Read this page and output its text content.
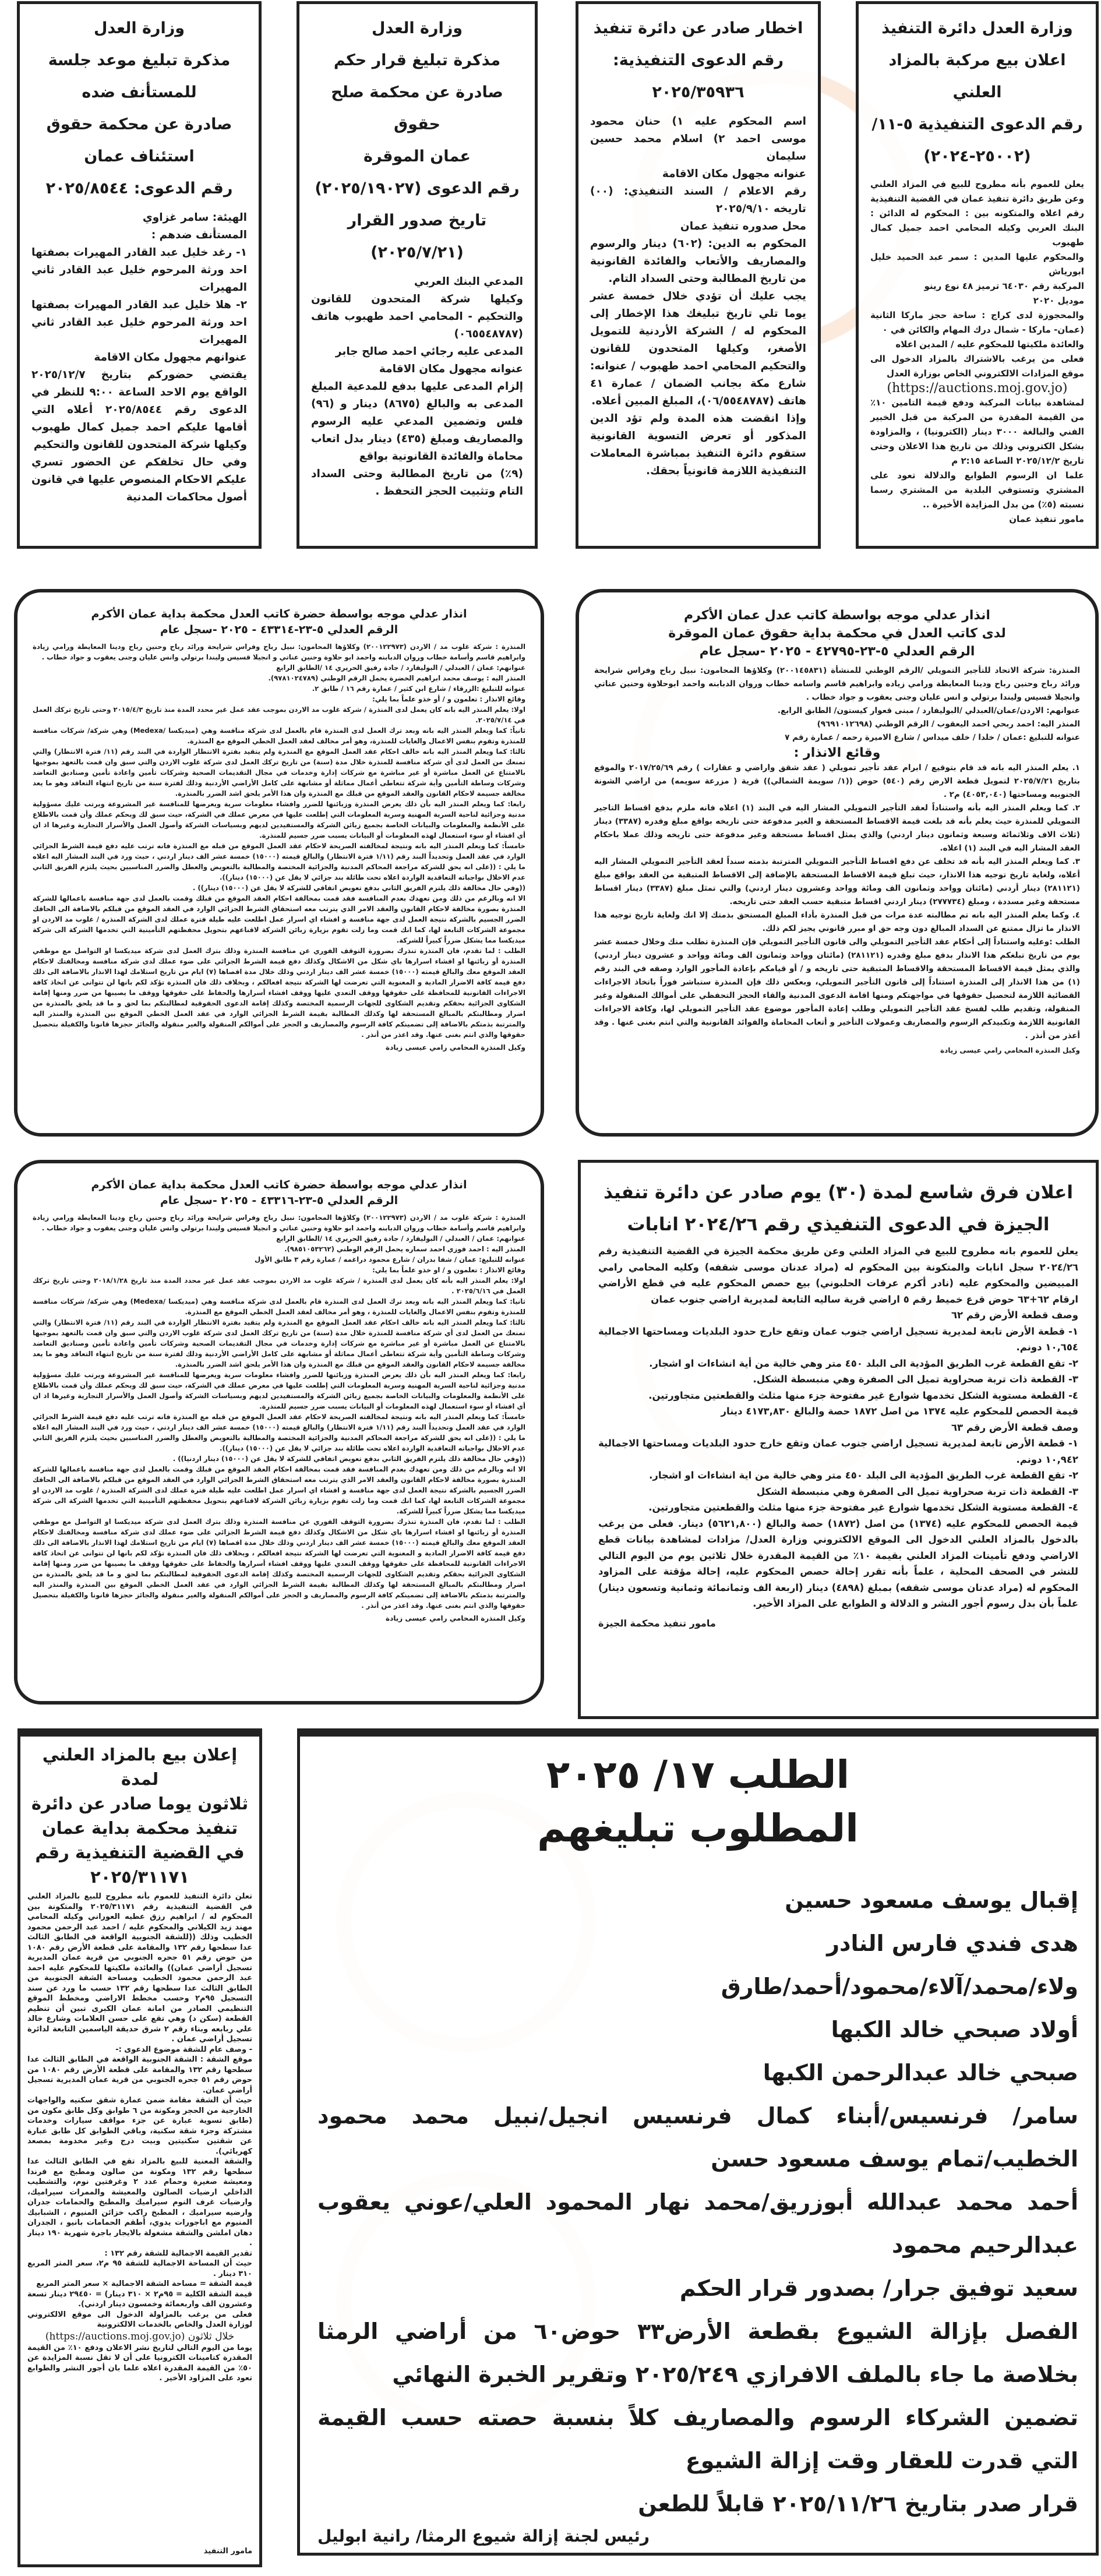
وزارة العدل

مذكرة تبليغ موعد جلسة

للمستأنف ضده

صادرة عن محكمة حقوق

استئناف عمان

رقم الدعوى: ٢٠٢٥/٨٥٤٤

الهيئة: سامر غزاوي

المستأنف ضدهم :

١- رغد خليل عبد القادر المهيرات بصفتها احد ورثة المرحوم خليل عبد القادر ثاني المهيرات

٢- هلا خليل عبد القادر المهيرات بصفتها احد ورثة المرحوم خليل عبد القادر ثاني المهيرات

عنوانهم مجهول مكان الاقامة

يقتضي حضوركم بتاريخ ٢٠٢٥/١٢/٧ الواقع يوم الاحد الساعة ٩:٠٠ للنظر في الدعوى رقم ٢٠٢٥/٨٥٤٤ أعلاه التي أقامها عليكم احمد جميل كمال طهبوب وكيلها شركة المتحدون للقانون والتحكيم

وفي حال تخلفكم عن الحضور تسري عليكم الاحكام المنصوص عليها في قانون أصول محاكمات المدنية

وزارة العدل

مذكرة تبليغ قرار حكم

صادرة عن محكمة صلح حقوق

عمان الموقرة

رقم الدعوى (٢٠٢٥/١٩٠٢٧)

تاريخ صدور القرار

(٢٠٢٥/٧/٢١)

المدعي البنك العربي

وكيلها شركة المتحدون للقانون والتحكيم - المحامي احمد طهبوب هاتف (٠٦٥٥٤٨٧٨٧)

المدعى عليه رجائي احمد صالح جابر

عنوانه مجهول مكان الاقامة

إلزام المدعى عليها بدفع للمدعية المبلغ المدعى به والبالغ (٨٦٧٥) دينار و (٩٦) فلس وتضمين المدعي عليه الرسوم والمصاريف ومبلغ (٤٣٥) دينار بدل اتعاب محاماة والفائدة القانونية بواقع

(٩٪) من تاريخ المطالبة وحتى السداد التام وتثبيت الحجز التحفظ .

اخطار صادر عن دائرة تنفيذ

رقم الدعوى التنفيذية:

٢٠٢٥/٣٥٩٣٦

اسم المحكوم عليه ١) حنان محمود موسى احمد ٢) اسلام محمد حسين سليمان

عنوانه مجهول مكان الاقامة

رقم الاعلام / السند التنفيذي: (٠٠) تاريخه ٢٠٢٥/٩/١٠

محل صدوره تنفيذ عمان

المحكوم به الدين: (٦٠٢) دينار والرسوم والمصاريف والأتعاب والفائدة القانونية من تاريخ المطالبة وحتى السداد التام.

يجب عليك أن تؤدي خلال خمسة عشر يوما تلي تاريخ تبليغك هذا الإخطار إلى المحكوم له / الشركة الأردنية للتمويل الأصغر، وكيلها المتحدون للقانون والتحكيم المحامي احمد طهبوب / عنوانه: شارع مكة بجانب الضمان / عمارة ٤١ هاتف (٠٦/٥٥٤٨٧٨٧)، المبلغ المبين أعلاه.

وإذا انقضت هذه المدة ولم تؤد الدين المذكور أو تعرض التسوية القانونية ستقوم دائرة التنفيذ بمباشرة المعاملات التنفيذية اللازمة قانونياً بحقك.

وزارة العدل دائرة التنفيذ

اعلان بيع مركبة بالمزاد العلني

رقم الدعوى التنفيذية ٥-١١/

(٢٥٠٠٢-٢٠٢٤)

يعلن للعموم بأنه مطروح للبيع في المزاد العلني وعن طريق دائرة تنفيذ عمان في القضية التنفيذية رقم اعلاه والمتكونه بين : المحكوم له الدائن : البنك العربي وكيله المحامي احمد جميل كمال طهبوب

والمحكوم عليها المدين : سمر عبد الحميد خليل ابورياش

المركبة رقم ٦٤٠٣٠ ترميز ٤٨ نوع رينو

موديل ٢٠٢٠

والمحجوزة لدى كراج : ساحة حجز ماركا الثانية (عمان- ماركا - شمال درك المهام والكائن في ٠

والعائدة ملكيتها للمحكوم عليه / المدين اعلاه

فعلى من يرغب بالاشتراك بالمزاد الدخول الى موقع المزادات الالكتروني الخاص بوزارة العدل

(https://auctions.moj.gov.jo)

لمشاهدة بيانات المركبة ودفع قيمة التامين ١٠٪ من القيمة المقدرة من المركبة من قبل الخبير الفني والبالغة ٣٠٠٠ دينار (الكترونيا) ، والمزاودة بشكل الكتروني وذلك من تاريخ هذا الاعلان وحتى تاريخ ٢٠٢٥/١٢/٢ الساعة ٢:١٥ م

علما ان الرسوم الطوابع والدلالة تعود على المشتري وتستوفي البلدية من المشتري رسما نسبته (٥٪) من بدل المزايدة الأخيرة ..

مامور تنفيذ عمان

انذار عدلي موجه بواسطة حضرة كاتب العدل محكمة بداية عمان الأكرم

الرقم العدلي ٥-٢٣-٤٣٣١٤ - ٢٠٢٥ -سجل عام

المنذرة : شركة غلوب مد / الاردن (٢٠٠١٢٢٩٧٣) وكلاؤها المحامون: نبيل رباح وفراس شرايحة ورائد رباح وحنين رباح ودينا المعايطة ورامي زيادة وابراهيم قاسم وأسامة خطاب وروان الدبابنه واحمد ابو حلاوة وحنين عناتي و انجيلا قسيس وليندا برتولي وانس عليان وجنى يعقوب و جواد خطاب .

عنوانهم: عمان / العبدلي / البوليفارد / جادة رفيق الحريري ١٤ /الطابق الرابع

المنذر اليه : يوسف محمد ابراهيم الخضرة يحمل الرقم الوطني (٩٧٨١٠٢٤٧٨٩).

عنوانه للتبليغ :الزرقاء / شارع ابن كثير / عمارة رقم ١٦ / طابق ٢.

وقائع الانذار : تعلمون و / أو خذو علماً بما يلي:

اولا: يعلم المنذر اليه بانه كان يعمل لدى المنذرة / شركة غلوب مد الاردن بموجب عقد عمل غير محدد المدة منذ تاريخ ٢٠١٥/٤/٣ وحتى تاريخ تركك العمل في ٢٠٢٥/٧/١٤.

ثانياً: كما ويعلم المنذر اليه بانه وبعد ترك العمل لدى المنذرة قام بالعمل لدى شركة منافسة وهي (ميديكسا /Medexa) وهي شركة/ شركات منافسة للمنذرة وتقوم بنفس الاعمال والغايات للمنذرة، وهو أمر مخالف لعقد العمل الخطي الموقع مع المنذرة.

ثالثا: كما ويعلم المنذر اليه بانه خالف احكام عقد العمل الموقع مع المنذرة ولم يتقيد بفترة الانتظار الواردة في البند رقم (١١/ فترة الانتظار) والتي تمنعك من العمل لدى أي شركة منافسة للمنذرة خلال مدة (سنة) من تاريخ تركك العمل لدى شركة غلوب الاردن والتي سبق وان قمت بالتعهد بموجبها بالامتناع عن العمل مباشرة أو غير مباشرة مع شركات إدارة وخدمات في مجال التقديمات الصحية وشركات تأمين واعادة تأمين وصناديق التعاضد وشركات وساطة التأمين وأية شركة تتعاطى أعمال مماثلة أو مشابهة على كامل الأراضي الأردنية وذلك لفترة سنة من تاريخ انتهاء التعاقد وهو ما يعد مخالفة جسيمة لاحكام القانون والعقد الموقع من قبلك مع المنذرة وان هذا الأمر يلحق اشد الضرر بالمنذرة.

رابعا: كما ويعلم المنذر اليه بأن ذلك يعرض المنذرة وزبائنها للضرر وافشاء معلومات سرية ويعرضها للمنافسة غير المشروعة ويرتب عليك مسؤولية مدنية وجزائية لناحية السرية المهنية وسرية المعلومات التي إطلعت عليها في معرض عملك في الشركة، حيث سبق لك وبحكم عملك وأن قمت بالاطلاع على الأنظمة والمعلومات والبيانات الخاصة بجميع زبائن الشركة والمستفيدين لديهم وبسياسات الشركة وأصول العمل والأسرار التجارية وغيرها اذ ان أي افشاء أو سوء استعمال لهذه المعلومات أو البيانات يسبب ضرر جسيم للمنذرة.

خامساً: كما ويعلم المنذر اليه بانه ونتيجة لمخالفته الصريحة لاحكام عقد العمل الموقع من قبله مع المنذرة فانه ترتب عليه دفع قيمة الشرط الجزائي الوارد في عقد العمل وتحديداً البند رقم (١/١١ فترة الانتظار) والبالغ قيمته (١٥٠٠٠) خمسة عشر الف دينار اردني ، حيث ورد في البند المشار اليه اعلاه ما يلي : ((على انه يحق للشركة مراجعة المحاكم المدنية والجزائية المختصة والمطالبة بالتعويض والعطل والضرر المناسبين بحيث يلتزم الفريق الثاني عدم الاخلال بواجباته التعاقدية الواردة اعلاه تحت طائلة بند جزائي لا يقل عن (١٥٠٠٠) دينار)).

((وفي حال مخالفة ذلك يلتزم الفريق الثاني بدفع تعويض اتفاقي للشركة لا يقل عن (١٥٠٠٠) دينار)) .

الا انه وبالرغم من ذلك ومن تعهدك بعدم المنافسة فقد قمت بمخالفة احكام العقد الموقع من قبلك وقمت بالعمل لدى جهة منافسة باعمالها للشركة المنذرة بصورة مخالفة لاحكام القانون والعقد الامر الذي يترتب معه استحقاق الشرط الجزائي الوارد في العقد الموقع من قبلكم بالاضافة الى الحاقك الضرر الجسيم بالشركة نتيجة العمل لدى جهة منافسة و افشاء اي اسرار عمل اطلعت عليه طيلة فترة عملك لدى الشركة المنذرة / غلوب مد الاردن او مجموعة الشركات التابعة لها، كما انك قمت وما زلت تقوم بزيارة زبائن الشركة لاقناعهم بتحويل محفظتهم التأمينية التي تخدمها الشركة الى شركة ميديكسا مما يشكل ضرراً كبيراً للشركة.

الطلب : لما تقدم، فان المنذرة تنذرك بضرورة التوقف الفوري عن منافسة المنذرة وذلك بترك العمل لدى شركة ميديكسا او التواصل مع موظفي المنذرة أو زبائنها او افشاء اسرارها باي شكل من الاشكال وكذلك دفع قيمة الشرط الجزائي على ضوء عملك لدى شركة منافسة ومخالفتك لاحكام العقد الموقع معك والبالغ قيمته (١٥٠٠٠) خمسة عشر الف دينار اردني وذلك خلال مدة اقصاها (٧) ايام من تاريخ استلامك لهذا الانذار بالاضافة الى ذلك دفع قيمة كافة الاضرار المادية و المعنوية التي تعرضت لها الشركة نتيجة افعالكم ، وبخلاف ذلك فان المنذرة تؤكد لكم بانها لن تتوانى عن اتخاذ كافة الاجراءات القانونية للمحافظة على حقوقها ووقف التعدي عليها ووقف افشاء أسرارها والحفاظ على حقوقها ووقف ما يصيبها من ضرر ومنها إقامة الشكاوى الجزائية بحقكم وتقديم الشكاوى للجهات الرسمية المختصة وكذلك إقامة الدعوى الحقوقية لمطالبتكم بما لحق و ما قد يلحق بالمنذرة من اضرار ومطالبتكم بالمبالغ المستحقة لها وكذلك المطالبة بقيمة الشرط الجزائي الوارد في عقد العمل الخطي الموقع بين المنذرة والمنذر اليه والمترتبة بذمتكم بالاضافة إلى تضمينكم كافة الرسوم والمصاريف و الحجز على أموالكم المنقولة والغير منقولة والجائز حجزها قانونا والكفيلة بتحصيل حقوقها والذي انتم بغنى عنها. وقد اعذر من أنذر .

وكيل المنذرة المحامي رامي عيسى زيادة

انذار عدلي موجه بواسطة كاتب عدل عمان الأكرم

لدى كاتب العدل في محكمة بداية حقوق عمان الموقرة

الرقم العدلي ٥-٢٣-٤٢٧٩٥ - ٢٠٢٥ -سجل عام

المنذرة: شركة الاتحاد للتأجير التمويلي /الرقم الوطني للمنشأة (٢٠٠١٤٥٨٣١) وكلاؤها المحامون: نبيل رباح وفراس شرايحة ورائد رباح وحنين رباح ودينا المعايطة ورامي زياده وابراهيم قاسم واسامه خطاب وروان الدبابنه واحمد ابوحلاوة وحنين عناتي وانجيلا قسيس وليندا برتولي و انس عليان وجنى يعقوب و جواد خطاب .

عنوانهم: الاردن/عمان/العبدلي /البوليفارد / مبنى قعوار كيستون/ الطابق الرابع.

المنذر اليه: احمد ربحي احمد اليعقوب / الرقم الوطني (٩٦٩١٠١٢٦٩٨)

عنوانه للتبليغ :عمان / خلدا / خلف ميداس / شارع الاميرة رحمه / عمارة رقم ٧

وقائع الانذار :

١. يعلم المنذر اليه بانه قد قام بتوقيع / ابرام عقد تأجير تمويلي ( عقد شقق واراضي و عقارات ) رقم ٢٠١٧/٢٥/٦٩ والموقع بتاريخ ٢٠٢٥/٧/٢١ لتمويل قطعة الارض رقم (٥٤٠) حوض ((١/ سويمة الشمالي)) قرية ( مزرعة سويمه) من اراضي الشونة الجنوبيه ومساحتها (٤٠٥٣,٠٤٠) م٢ .

٢. كما ويعلم المنذر اليه بأنه واستناداً لعقد التأجير التمويلي المشار اليه في البند (١) اعلاه فانه ملزم بدفع اقساط التاجير التمويلي للمنذرة حيث يعلم بأنه قد بلغت قيمة الاقساط المستحقة و الغير مدفوعة حتى تاريخه بواقع مبلغ وقدره (٣٣٨٧) دينار (ثلاث الاف وثلاثمائة وسبعة وثمانون دينار اردني) والذي يمثل اقساط مستحقة وغير مدفوعة حتى تاريخه وذلك عملا باحكام العقد المشار اليه في البند (١) اعلاه.

٣. كما ويعلم المنذر اليه بأنه قد تخلف عن دفع اقساط التأجير التمويلي المترتبة بذمته سنداً لعقد التأجير التمويلي المشار اليه أعلاه، ولغاية تاريخ توجيه هذا الانذار، حيث تبلغ قيمة الاقساط المستحقة بالإضافة إلى الاقساط المتبقية من العقد بواقع مبلغ (٢٨١١٢١) دينار أردني (مائتان وواحد وثمانون الف ومائة وواحد وعشرون دينار اردني) والتي تمثل مبلغ (٣٣٨٧) دينار اقساط مستحقة وغير مسددة ، ومبلغ (٢٧٧٧٣٤) دينار اردني اقساط متبقية حسب العقد حتى تاريخه.

٤. وكما يعلم المنذر اليه بانه تم مطالبته عدة مرات من قبل المنذرة بأداء المبلغ المستحق بذمتك إلا انك ولغاية تاريخ توجيه هذا الانذار ما تزال ممتنع عن السداد المبالغ دون وجه حق او مبرر قانوني يجيز لكم ذلك.

الطلب :وعليه واستناداً إلى أحكام عقد التأجير التمويلي والى قانون التأجير التمويلي فإن المنذرة تطلب منك وخلال خمسة عشر يوم من تاريخ تبلغكم هذا الانذار بدفع مبلغ وقدره (٢٨١١٢١) (مائتان وواحد وثمانون الف ومائة وواحد و عشرون دينار اردني) والذي يمثل قيمة الاقساط المستحقة والاقساط المتبقية حتى تاريخه و / أو قيامكم بإعادة المأجور الوارد وصفه في البند رقم (١) من هذا الانذار إلى المنذرة استناداً إلى قانون التأجير التمويلي، وبعكس ذلك فإن المنذرة ستباشر فوراً باتخاذ الاجراءات القضائية اللازمة لتحصيل حقوقها في مواجهتكم ومنها اقامة الدعوى المدنية والقاء الحجز التحفظي على أموالك المنقولة وغير المنقولة، وتقديم طلب لفسخ عقد التأجير التمويلي وطلب إعادة المأجور موضوع عقد التأجير التمويلي لها، وكافة الاجراءات القانونية اللازمة وتكبيدكم الرسوم والمصاريف وعمولات التأخير و أتعاب المحاماة والفوائد القانونية والتي انتم بغنى عنها . وقد أعذر من أنذر .

وكيل المنذرة المحامي رامي عيسى زيادة

انذار عدلي موجه بواسطة حضرة كاتب العدل محكمة بداية عمان الأكرم

الرقم العدلي ٥-٢٣-٤٣٣١٦ - ٢٠٢٥ -سجل عام

المنذرة : شركة غلوب مد / الاردن (٢٠٠١٢٢٩٧٣) وكلاؤها المحامون: نبيل رباح وفراس شرايحة ورائد رباح وحنين رباح ودينا المعايطة ورامي زيادة وابراهيم قاسم وأسامة خطاب وروان الدبابنه واحمد ابو حلاوة وحنين عناتي و انجيلا قسيس وليندا برتولي وانس عليان وجنى يعقوب و جواد خطاب .

عنوانهم: عمان / العبدلي / البوليفارد / جادة رفيق الحريري ١٤ /الطابق الرابع

المنذر اليه : احمد فوزي احمد سماره يحمل الرقم الوطني (٩٨٥١٠٥٣٢٦٢).

عنوانه للتبليغ: عمان / شفا بدران / شارع محمود دراغمه / عمارة رقم ٣ طابق الأول

وقائع الانذار : تعلمون و / او خذو علماً بما يلي:

اولا: يعلم المنذر اليه بأنه كان يعمل لدى المنذرة / شركة غلوب مد الاردن بموجب عقد عمل غير محدد المدة منذ تاريخ ٢٠١٨/١/٢٨ وحتى تاريخ تركك العمل في ٢٠٢٥/٦/١٦ .

ثانيا: كما ويعلم المنذر اليه بانه وبعد ترك العمل لدى المنذرة قام بالعمل لدى شركة منافسة وهي (ميديكسا /Medexa) وهي شركة/ شركات منافسة للمنذرة وتقوم بنفس الاعمال والغايات للمنذرة ، وهو أمر مخالف لعقد العمل الخطي الموقع مع المنذرة.

ثالثا: كما ويعلم المنذر اليه بانه خالف احكام عقد العمل الموقع مع المنذرة ولم يتقيد بفترة الانتظار الواردة في البند رقم (١١/ فترة الانتظار) والتي تمنعك من العمل لدى أي شركة منافسة للمنذرة خلال مدة (سنة) من تاريخ تركك العمل لدى شركة غلوب الاردن والتي سبق وان قمت بالتعهد بموجبها بالامتناع عن العمل مباشرة أو غير مباشرة مع شركات إدارة وخدمات في مجال التقديمات الصحية وشركات تأمين واعادة تأمين وصناديق التعاضد وشركات وساطة التأمين وأية شركة تتعاطى أعمال مماثلة أو مشابهة على كامل الأراضي الأردنية وذلك لفترة سنة من تاريخ انتهاء التعاقد وهو ما يعد مخالفة جسيمة لاحكام القانون والعقد الموقع من قبلك مع المنذرة وان هذا الأمر يلحق اشد الضرر بالمنذرة.

رابعا: كما ويعلم المنذر اليه بأن ذلك يعرض المنذرة وزبائنها للضرر وافشاء معلومات سرية ويعرضها للمنافسة غير المشروعة ويرتب عليك مسؤولية مدنية وجزائية لناحية السرية المهنية وسرية المعلومات التي إطلعت عليها في معرض عملك في الشركة، حيث سبق لك وبحكم عملك وأن قمت بالاطلاع على الأنظمة والمعلومات والبيانات الخاصة بجميع زبائن الشركة والمستفيدين لديهم وبسياسات الشركة وأصول العمل والأسرار التجارية وغيرها اذ ان أي افشاء أو سوء استعمال لهذه المعلومات أو البيانات يسبب ضرر جسيم للمنذرة.

خامساً: كما ويعلم المنذر اليه بانه ونتيجة لمخالفته الصريحة لاحكام عقد العمل الموقع من قبله مع المنذرة فانه ترتب عليه دفع قيمة الشرط الجزائي الوارد في عقد العمل وتحديداً البند رقم (١/١١ فترة الانتظار) والبالغ قيمته (١٥٠٠٠) خمسة عشر الف دينار اردني ، حيث ورد في البند المشار اليه اعلاه ما يلي : ((على انه يحق للشركة مراجعة المحاكم المدنية والجزائية المختصة والمطالبة بالتعويض والعطل والضرر المناسبين بحيث يلتزم الفريق الثاني عدم الاخلال بواجباته التعاقدية الواردة اعلاه تحت طائلة بند جزائي لا يقل عن (١٥٠٠٠) دينار)).

((وفي حال مخالفة ذلك يلتزم الفريق الثاني بدفع تعويض اتفاقي للشركة لا يقل عن (١٥٠٠٠) دينار اردنيا)) .

الا انه وبالرغم من ذلك ومن تعهدك بعدم المنافسة فقد قمت بمخالفة احكام العقد الموقع من قبلك وقمت بالعمل لدى جهة منافسة باعمالها للشركة المنذرة بصورة مخالفة لاحكام القانون والعقد الامر الذي يترتب معه استحقاق الشرط الجزائي الوارد في العقد الموقع من قبلكم بالاضافة الى الحاقك الضرر الجسيم بالشركة نتيجة العمل لدى جهة منافسة و افشاء اي اسرار عمل اطلعت عليه طيلة فترة عملك لدى الشركة المنذرة / غلوب مد الاردن او مجموعة الشركات التابعة لها، كما انك قمت وما زلت تقوم بزيارة زبائن الشركة لاقناعهم بتحويل محفظتهم التأمينية التي تخدمها الشركة الى شركة ميديكسا مما يشكل ضرراً كبيراً للشركة.

الطلب : لما تقدم، فان المنذرة تنذرك بضرورة التوقف الفوري عن منافسة المنذرة وذلك بترك العمل لدى شركة ميديكسا او التواصل مع موظفي المنذرة أو زبائنها او افشاء اسرارها باي شكل من الاشكال وكذلك دفع قيمة الشرط الجزائي على ضوء عملك لدى شركة منافسة ومخالفتك لاحكام العقد الموقع معك والبالغ قيمته (١٥٠٠٠) خمسة عشر الف دينار اردني وذلك خلال مدة اقصاها (٧) ايام من تاريخ استلامك لهذا الانذار بالاضافة الى ذلك دفع قيمة كافة الاضرار المادية و المعنوية التي تعرضت لها الشركة نتيجة افعالكم ، وبخلاف ذلك فان المنذرة تؤكد لكم بانها لن تتوانى عن اتخاذ كافة الاجراءات القانونية للمحافظة على حقوقها ووقف التعدي عليها ووقف افشاء أسرارها والحفاظ على حقوقها ووقف ما يصيبها من ضرر ومنها إقامة الشكاوى الجزائية بحقكم وتقديم الشكاوى للجهات الرسمية المختصة وكذلك إقامة الدعوى الحقوقية لمطالبتكم بما لحق و ما قد يلحق بالمنذرة من اضرار ومطالبتكم بالمبالغ المستحقة لها وكذلك المطالبة بقيمة الشرط الجزائي الوارد في عقد العمل الخطي الموقع بين المنذرة والمنذر اليه والمترتبة بذمتكم بالاضافة إلى تضمينكم كافة الرسوم والمصاريف و الحجز على أموالكم المنقولة والغير منقولة والجائز حجزها قانونا والكفيلة بتحصيل حقوقها والذي انتم بغنى عنها. وقد اعذر من أنذر .

وكيل المنذرة المحامي رامي عيسى زيادة

اعلان فرق شاسع لمدة (٣٠) يوم صادر عن دائرة تنفيذ

الجيزة في الدعوى التنفيذي رقم ٢٠٢٤/٢٦ انابات

يعلن للعموم بانه مطروح للبيع في المزاد العلني وعن طريق محكمة الجيزة في القضية التنفيذية رقم ٢٠٢٤/٢٦ سجل انابات والمتكونة بين المحكوم له (مراد عدنان موسى شقفه) وكليه المحامي رامي المبيضين والمحكوم عليه (نادر أكرم عرفات الحلبوني) بيع حصص المحكوم عليه في قطع الأراضي ارقام ٦٢+٦٣ حوض قرع خميط رقم ٥ اراضي قرية ساليه التابعة لمديرية اراضي جنوب عمان

وصف قطعة الأرض رقم ٦٢

١- قطعة الأرض تابعة لمديرية تسجيل اراضي جنوب عمان وتقع خارج حدود البلديات ومساحتها الاجمالية ١٠,٦٥٤ دونم.

٢- تقع القطعة غرب الطريق المؤدية الى البلد ٤٥٠ متر وهي خالية من أية انشاءات او اشجار.

٣- القطعة ذات تربة صحراوية تميل الى الصفرة وهي منبسطة الشكل.

٤- القطعة مستوية الشكل تخدمها شوارع غير مفتوحة جزء منها مثلث والقطعتين متجاورتين.

قيمة الحصص للمحكوم عليه ١٣٧٤ من اصل ١٨٧٢ حصة والبالغ ٤١٧٣,٨٣٠ دينار

وصف قطعة الأرض رقم ٦٣

١- قطعة الأرض تابعة لمديرية تسجيل اراضي جنوب عمان وتقع خارج حدود البلديات ومساحتها الاجمالية ١٠,٩٤٢ دونم.

٢- تقع القطعة غرب الطريق المؤدية الى البلد ٤٥٠ متر وهي خالية من اية انشاءات او اشجار.

٣- القطعة ذات تربة صحراوية تميل الى الصفرة وهي منبسطة الشكل

٤- القطعة مستوية الشكل تخدمها شوارع غير مفتوحة جزء منها مثلث والقطعتين متجاورتين.

قيمة الحصص للمحكوم عليه (١٣٧٤) من اصل (١٨٧٢) حصة والبالغ (٥٦٢١,٨٠٠) دينار. فعلى من يرغب بالدخول بالمزاد العلني الدخول الى الموقع الالكتروني وزارة العدل/ مزادات لمشاهدة بيانات قطع الاراضي ودفع تأمينات المزاد العلني بقيمة ١٠٪ من القيمة المقدرة خلال ثلاثين يوم من اليوم التالي للنشر في الصحف المحلية ، علماً بأنه تقرر إحالة حصص المحكوم عليه، إحالة مؤقتة على المزاود المحكوم له (مراد عدنان موسى شقفه) بمبلغ (٤٨٩٨) دينار (اربعة الف وثمانمائة وثمانية وتسعون دينار) علماً بأن بدل رسوم أجور النشر و الدلالة و الطوابع على المزاد الأخير.

مامور تنفيذ محكمة الجيزة

إعلان بيع بالمزاد العلني لمدة

ثلاثون يوما صادر عن دائرة

تنفيذ محكمة بداية عمان

في القضية التنفيذية رقم

٢٠٢٥/٣١١٧١

تعلن دائرة التنفيذ للعموم بأنه مطروح للبيع بالمزاد العلني في القضية التنفيذية رقم ٢٠٢٥/٣١١٧١ والمتكونة بين المحكوم له / ابراهيم رزق عطيه العوراني وكيله المحامي مهند زيد الكيلاني والمحكوم عليه / احمد عبد الرحمن محمود الخطيب وذلك ((للشقة الجنوبية الواقعة في الطابق الثالث عدا سطحها رقم ١٣٢ والمقامة على قطعة الأرض رقم ١٠٨٠ من حوض رقم ٥١ جحره الجنوبي من قرية عمان المديرية تسجيل أراضي عمان)) والعائدة ملكيتها للمحكوم عليه احمد عبد الرحمن محمود الخطيب ومساحة الشقة الجنوبية من الطابق الثالث عدا سطحها رقم ١٣٢ حسب ما ورد عن سند التسجيل ٩٥م٢ وحسب مخطط الاراضي ومخطط الموقع التنظيمي الصادر من امانة عمان الكبرى تبين أن تنظيم القطعة (سكن د) وهي تقع على حسن العلامات وشارع خالد علي ربابعه وبناء رقم ٢ شرق حديقة الياسمين التابعة لدائرة تسجيل أراضي عمان .

- وصف عام للشقة موضوع الدعوى :-

موقع الشقة : الشقة الجنوبية الواقعة في الطابق الثالث عدا سطحها رقم ١٣٢ والمقامة على قطعة الأرض رقم ١٠٨٠ من حوض رقم ٥١ جحره الجنوبي من قرية عمان المديرية تسجيل أراضي عمان.

حيث أن الشقة مقامة ضمن عمارة شقق سكنيه والواجهات الخارجية من الحجر ومكونة من ٦ طوابق وكل طابق مكون من (طابق تسوية عبارة عن جزء مواقف سيارات وخدمات مشتركة وجزء شقة سكنية، وباقي الطوابق كل طابق عبارة عن شقتين سكنيتين وبيت درج وغير مخدومة بمصعد كهربائي).

والشقة المعنية للبيع بالمزاد تقع في الطابق الثالث عدا سطحها رقم ١٣٢ ومكونة من صالون ومطبخ مع فرندا ومعيشة صغيرة وحمام عدد ٢ وغرفتين نوم، والتشطيب الداخلي ارضيات الصالون والمعيشة والممرات سيراميك، وارضيات غرف النوم سيراميك والمطبخ والحمامات جدران وارضيه سيراميك ، المطبخ راكب خزائن المنيوم ، الشبابيك المنيوم مع اباجورات يدوي، أطقم الحمامات بانيو ، الجدران دهان املشن والشقة مشغولة بالايجار باجرة شهرية ١٩٠ دينار .

تقدير القيمة الاجمالية للشقة رقم ١٣٢ :

حيث أن المساحة الاجمالية للشقة ٩٥ م٢، سعر المتر المربع ٣١٠ دينار .

قيمة الشقة = مساحة الشقة الاجمالية × سعر المتر المربع

قيمة الشقة الكلية = ٩٥م٢ × ٣١٠ دينار) = ٢٩٤٥٠ دينار تسعة وعشرون الف واربعمائة وخمسون دينار اردني).

فعلى من يرغب بالمزاولة الدخول الى موقع الالكتروني لوزارة العدل والخاص بالخدمات الالكترونية

(https://auctions.moj.gov.jo) خلال ثلاثون

يوما من اليوم التالي لتاريخ نشر الاعلان ودفع ١٠٪ من القيمة المقدرة كتامينات الكترونيا على أن لا تقل نسبة المزايدة عن ٥٠٪ من القيمة المقدرة اعلاه علما بان أجور النشر والطوابع تعود على المزاود الأخير .

مامور التنفيذ

الطلب ١٧/ ٢٠٢٥

المطلوب تبليغهم

إقبال يوسف مسعود حسين

هدى فندي فارس النادر

ولاء/محمد/آلاء/محمود/أحمد/طارق

أولاد صبحي خالد الكبها

صبحي خالد عبدالرحمن الكبها

سامر/ فرنسيس/أبناء كمال فرنسيس انجيل/نبيل محمد محمود الخطيب/تمام يوسف مسعود حسن

أحمد محمد عبدالله أبوزريق/محمد نهار المحمود العلي/عوني يعقوب عبدالرحيم محمود

سعيد توفيق جرار/ بصدور قرار الحكم

الفصل بإزالة الشيوع بقطعة الأرض٣٣ حوض٦٠ من أراضي الرمثا بخلاصة ما جاء بالملف الافرازي ٢٠٢٥/٢٤٩ وتقرير الخبرة النهائي

تضمين الشركاء الرسوم والمصاريف كلاً بنسبة حصته حسب القيمة التي قدرت للعقار وقت إزالة الشيوع

قرار صدر بتاريخ ٢٠٢٥/١١/٢٦ قابلاً للطعن

رئيس لجنة إزالة شيوع الرمثا/ رانية ابوليل
